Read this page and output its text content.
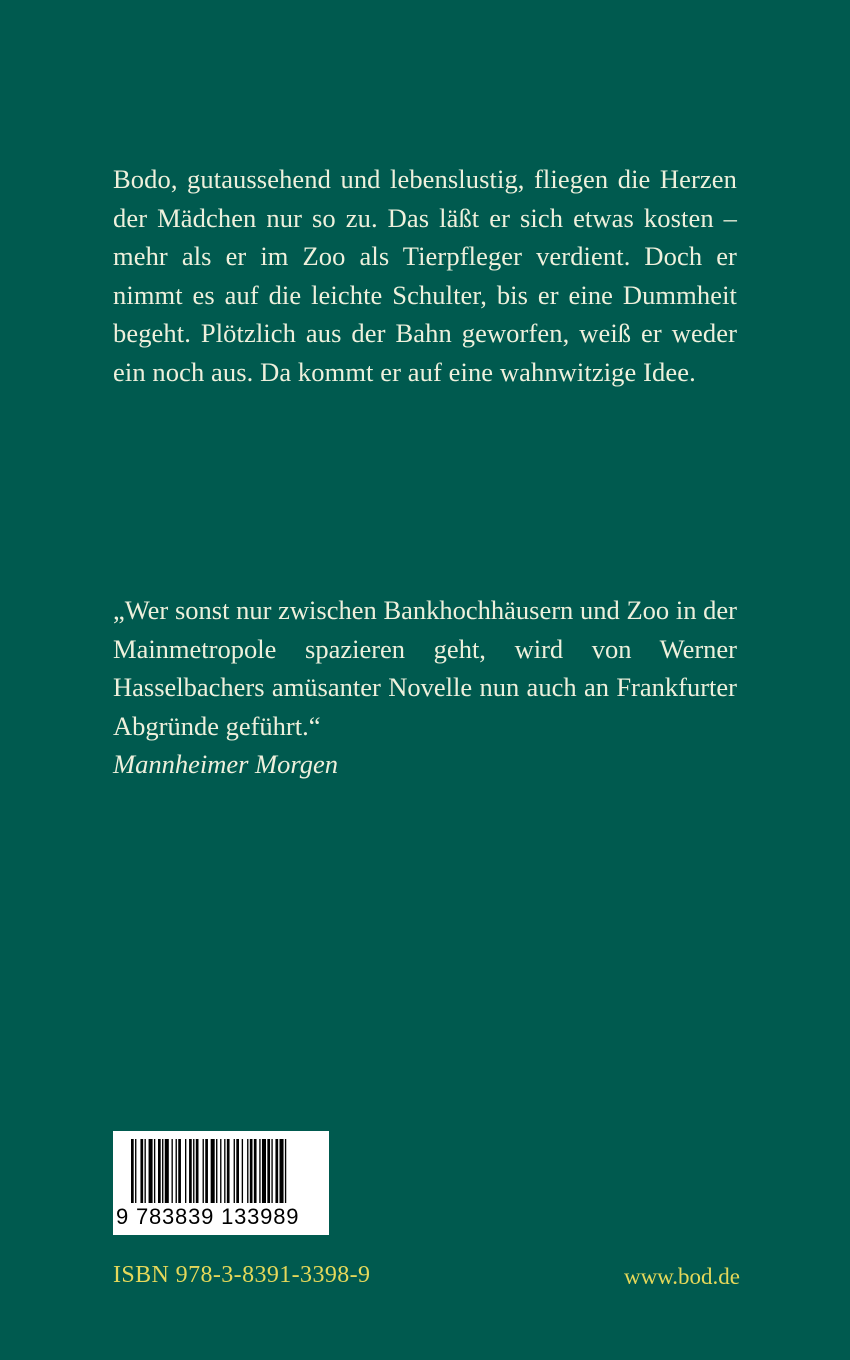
Bodo, gutaussehend und lebenslustig, fliegen die Herzen der Mädchen nur so zu. Das läßt er sich etwas kosten – mehr als er im Zoo als Tierpfleger verdient. Doch er nimmt es auf die leichte Schulter, bis er eine Dummheit begeht. Plötzlich aus der Bahn geworfen, weiß er weder ein noch aus. Da kommt er auf eine wahnwitzige Idee.

„Wer sonst nur zwischen Bankhochhäusern und Zoo in der Mainmetropole spazieren geht, wird von Werner Hasselbachers amüsanter Novelle nun auch an Frankfurter Abgründe geführt.“

Mannheimer Morgen

9 783839 133989
ISBN 978-3-8391-3398-9	www.bod.de
